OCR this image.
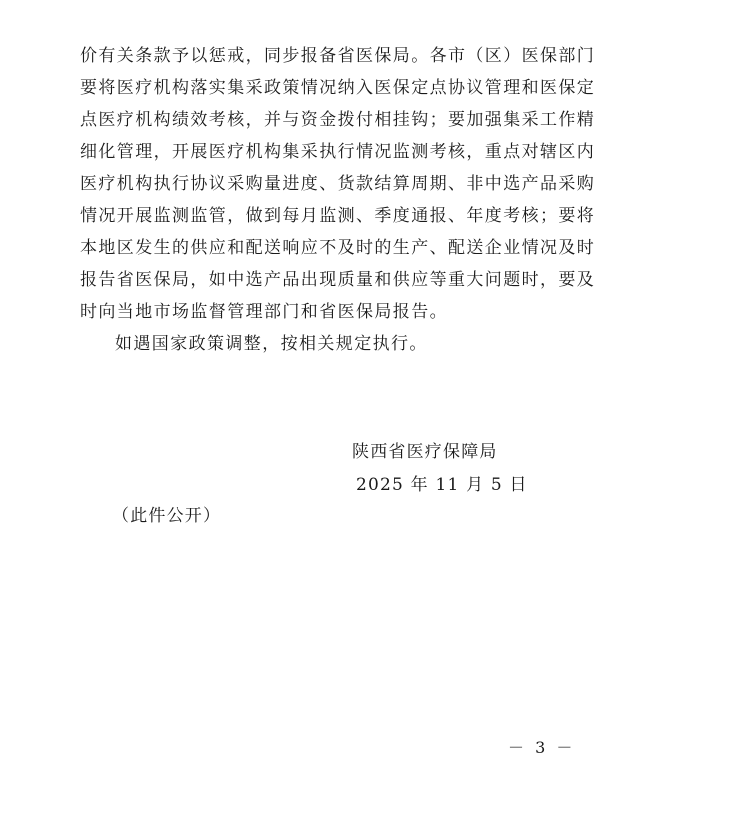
价有关条款予以惩戒，同步报备省医保局。各市（区）医保部门
要将医疗机构落实集采政策情况纳入医保定点协议管理和医保定
点医疗机构绩效考核，并与资金拨付相挂钩；要加强集采工作精
细化管理，开展医疗机构集采执行情况监测考核，重点对辖区内
医疗机构执行协议采购量进度、货款结算周期、非中选产品采购
情况开展监测监管，做到每月监测、季度通报、年度考核；要将
本地区发生的供应和配送响应不及时的生产、配送企业情况及时
报告省医保局，如中选产品出现质量和供应等重大问题时，要及
时向当地市场监督管理部门和省医保局报告。
如遇国家政策调整，按相关规定执行。
陕西省医疗保障局
2025 年 11 月 5 日
（此件公开）
－ 3 －
